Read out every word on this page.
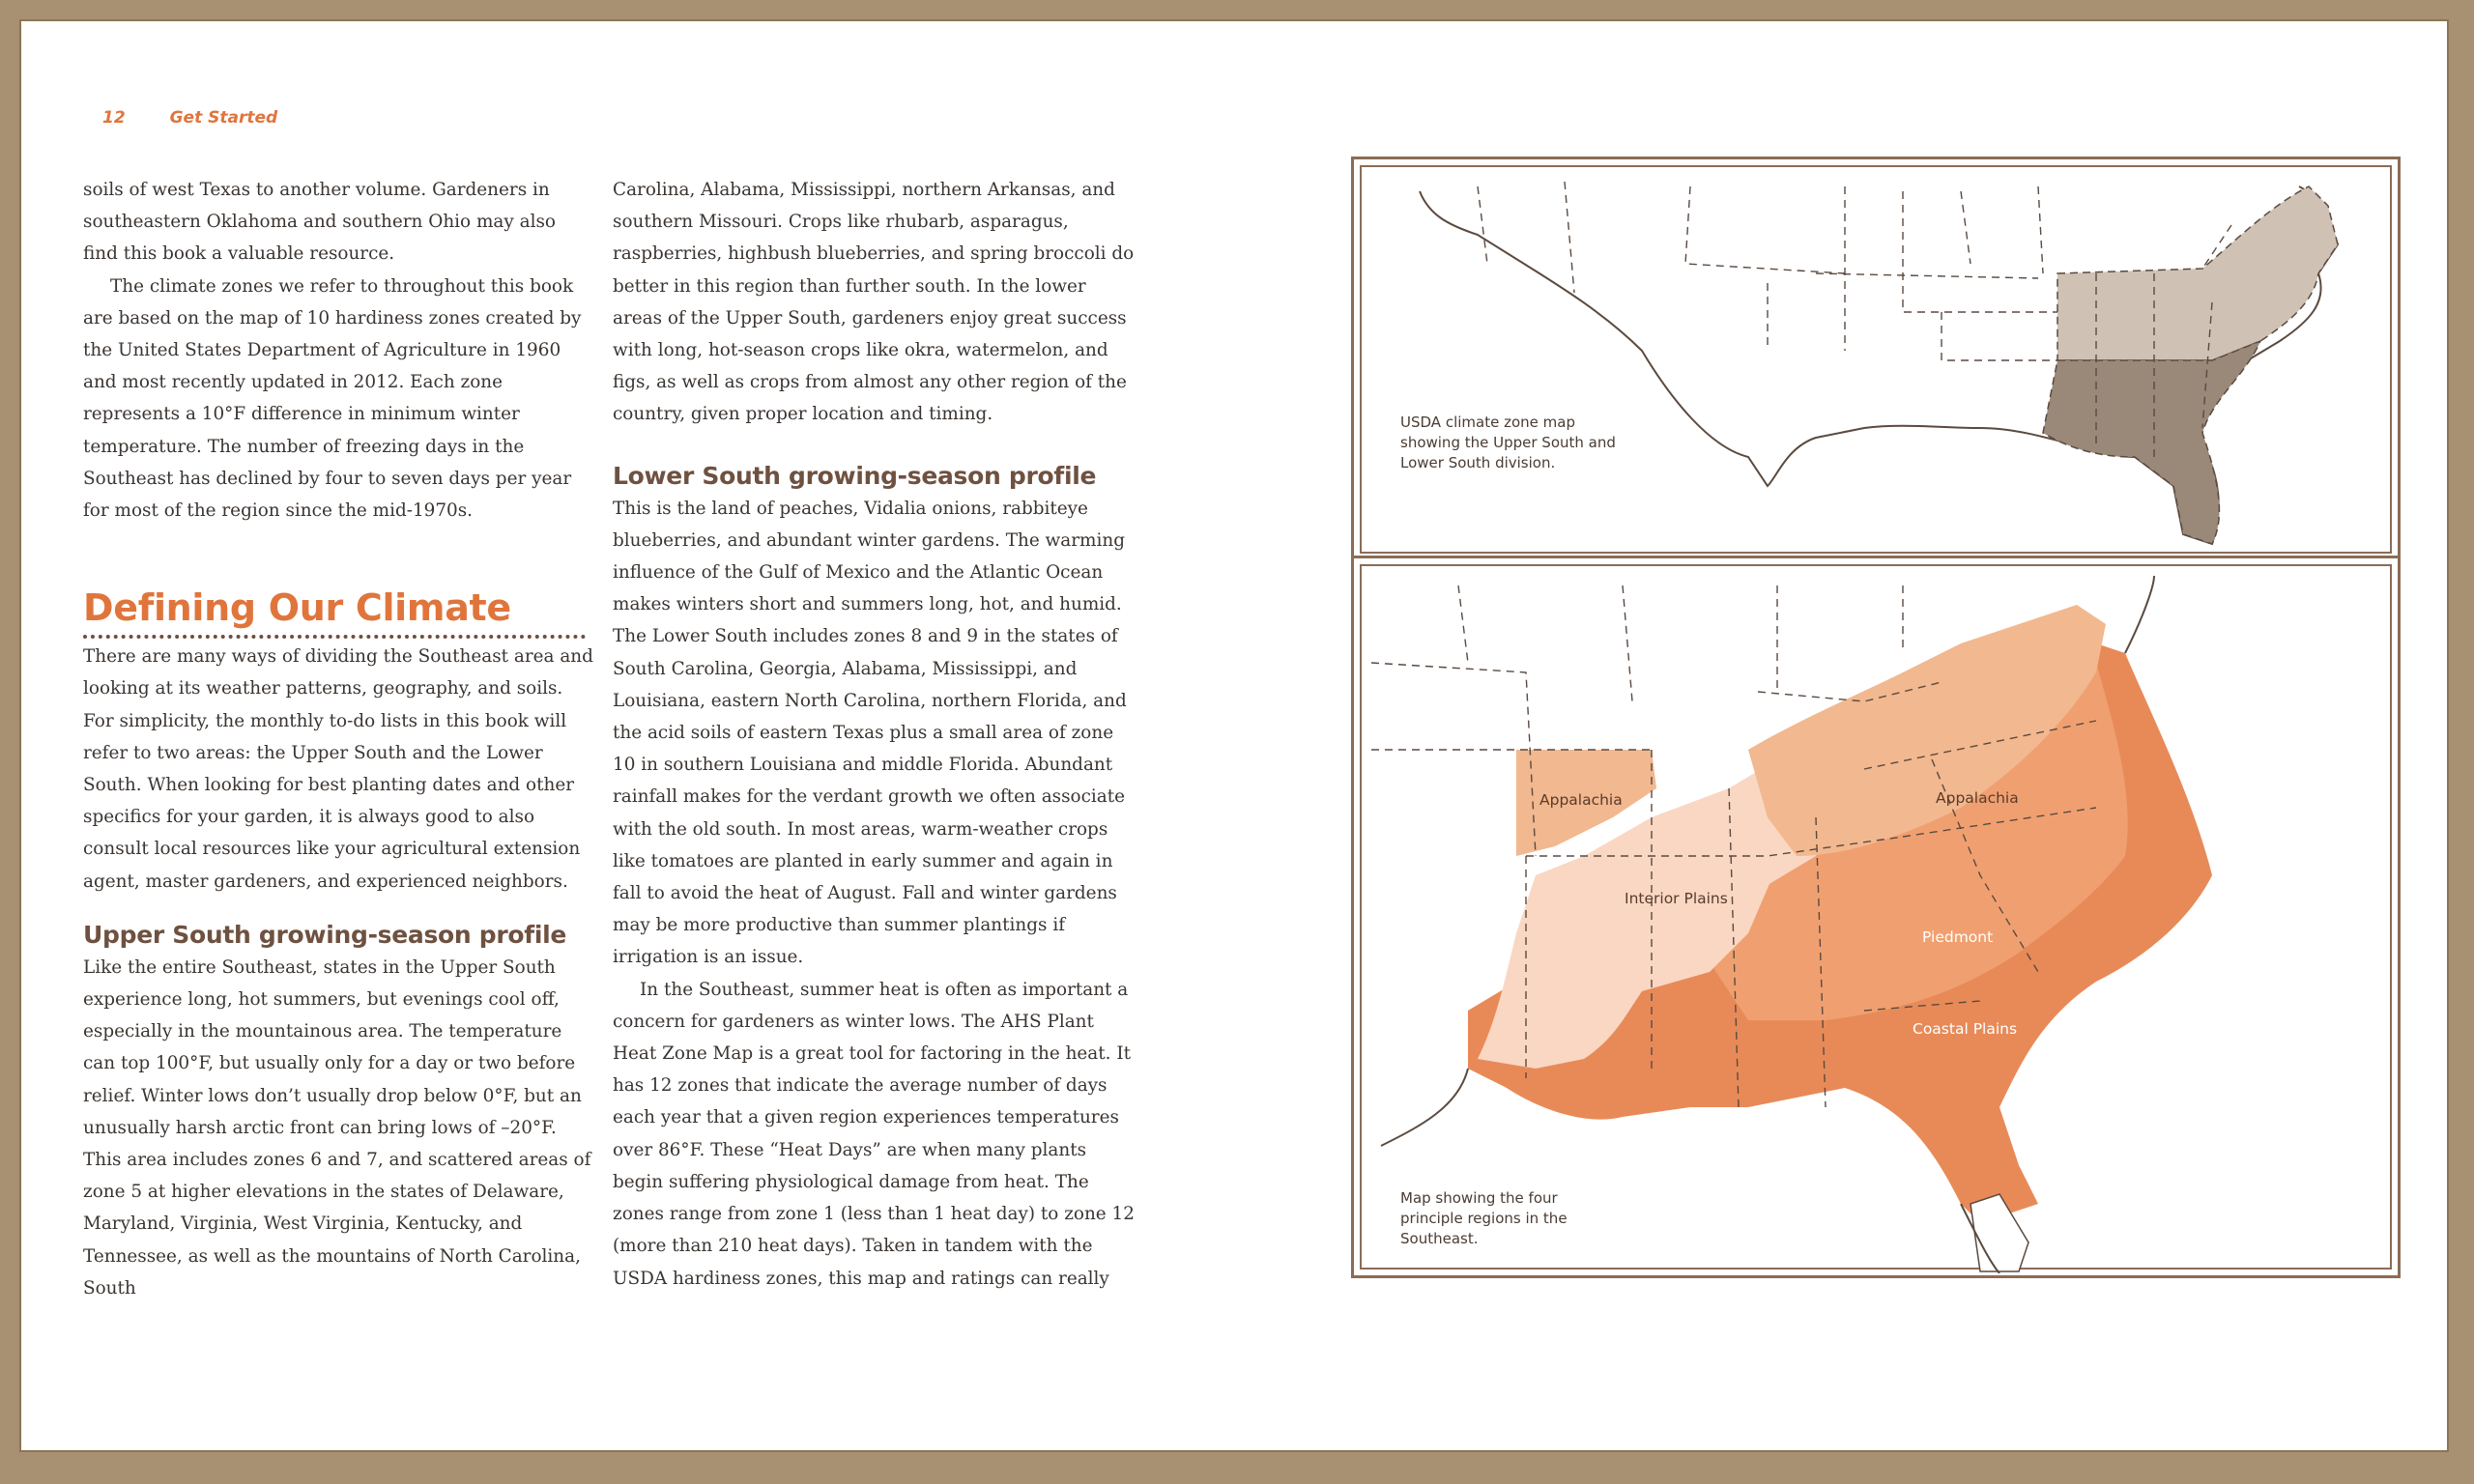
12	Get Started

soils of west Texas to another volume. Gardeners in southeastern Oklahoma and southern Ohio may also find this book a valuable resource.

The climate zones we refer to throughout this book are based on the map of 10 hardiness zones created by the United States Department of Agriculture in 1960 and most recently updated in 2012. Each zone represents a 10°F difference in minimum winter temperature. The number of freezing days in the Southeast has declined by four to seven days per year for most of the region since the mid-1970s.

Defining Our Climate

There are many ways of dividing the Southeast area and looking at its weather patterns, geography, and soils. For simplicity, the monthly to-do lists in this book will refer to two areas: the Upper South and the Lower South. When looking for best planting dates and other specifics for your garden, it is always good to also consult local resources like your agricultural extension agent, master gardeners, and experienced neighbors.

Upper South growing-season profile

Like the entire Southeast, states in the Upper South experience long, hot summers, but evenings cool off, especially in the mountainous area. The temperature can top 100°F, but usually only for a day or two before relief. Winter lows don’t usually drop below 0°F, but an unusually harsh arctic front can bring lows of –20°F. This area includes zones 6 and 7, and scattered areas of zone 5 at higher elevations in the states of Delaware, Maryland, Virginia, West Virginia, Kentucky, and Tennessee, as well as the mountains of North Carolina, South

Carolina, Alabama, Mississippi, northern Arkansas, and southern Missouri. Crops like rhubarb, asparagus, raspberries, highbush blueberries, and spring broccoli do better in this region than further south. In the lower areas of the Upper South, gardeners enjoy great success with long, hot-season crops like okra, watermelon, and figs, as well as crops from almost any other region of the country, given proper location and timing.

Lower South growing-season profile

This is the land of peaches, Vidalia onions, rabbiteye blueberries, and abundant winter gardens. The warming influence of the Gulf of Mexico and the Atlantic Ocean makes winters short and summers long, hot, and humid. The Lower South includes zones 8 and 9 in the states of South Carolina, Georgia, Alabama, Mississippi, and Louisiana, eastern North Carolina, northern Florida, and the acid soils of eastern Texas plus a small area of zone 10 in southern Louisiana and middle Florida. Abundant rainfall makes for the verdant growth we often associate with the old south. In most areas, warm-weather crops like tomatoes are planted in early summer and again in fall to avoid the heat of August. Fall and winter gardens may be more productive than summer plantings if irrigation is an issue.

In the Southeast, summer heat is often as important a concern for gardeners as winter lows. The AHS Plant Heat Zone Map is a great tool for factoring in the heat. It has 12 zones that indicate the average number of days each year that a given region experiences temperatures over 86°F. These “Heat Days” are when many plants begin suffering physiological damage from heat. The zones range from zone 1 (less than 1 heat day) to zone 12 (more than 210 heat days). Taken in tandem with the USDA hardiness zones, this map and ratings can really

USDA climate zone map showing the Upper South and Lower South division.
Appalachia	Appalachia
Interior Plains
Piedmont
Coastal Plains
Map showing the four principle regions in the Southeast.
